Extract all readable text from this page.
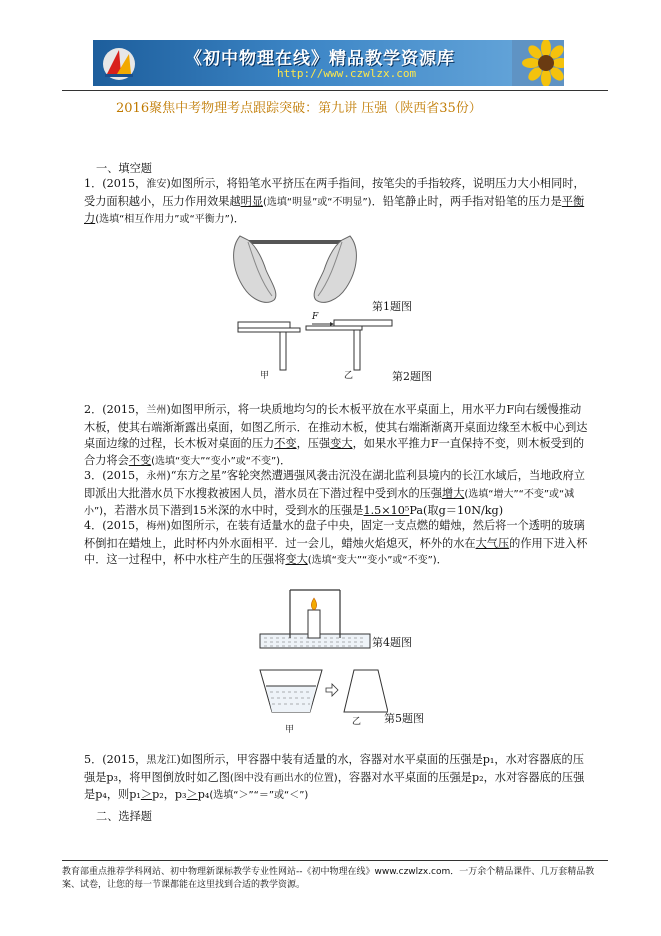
《初中物理在线》精品教学资源库
http://www.czwlzx.com
2016聚焦中考物理考点跟踪突破：第九讲 压强（陕西省35份）
一、填空题
1．(2015，淮安)如图所示，将铅笔水平挤压在两手指间，按笔尖的手指较疼，说明压力大小相同时，受力面积越小，压力作用效果越明显(选填“明显”或“不明显”)．铅笔静止时，两手指对铅笔的压力是平衡力(选填“相互作用力”或“平衡力”)．
第1题图
F
甲	乙	第2题图
2．(2015，兰州)如图甲所示，将一块质地均匀的长木板平放在水平桌面上，用水平力F向右缓慢推动木板，使其右端渐渐露出桌面，如图乙所示．在推动木板，使其右端渐渐离开桌面边缘至木板中心到达桌面边缘的过程，长木板对桌面的压力不变，压强变大，如果水平推力F一直保持不变，则木板受到的合力将会不变(选填“变大”“变小”或“不变”)．
3．(2015，永州)“东方之星”客轮突然遭遇强风袭击沉没在湖北监利县境内的长江水域后，当地政府立即派出大批潜水员下水搜救被困人员，潜水员在下潜过程中受到水的压强增大(选填“增大”“不变”或“减小”)，若潜水员下潜到15米深的水中时，受到水的压强是1.5×10⁵Pa(取g＝10N/kg)
4．(2015，梅州)如图所示，在装有适量水的盘子中央，固定一支点燃的蜡烛，然后将一个透明的玻璃杯倒扣在蜡烛上，此时杯内外水面相平．过一会儿，蜡烛火焰熄灭，杯外的水在大气压的作用下进入杯中．这一过程中，杯中水柱产生的压强将变大(选填“变大”“变小”或“不变”)．
第4题图
甲
乙 第5题图
5．(2015，黑龙江)如图所示，甲容器中装有适量的水，容器对水平桌面的压强是p₁，水对容器底的压强是p₃，将甲图倒放时如乙图(图中没有画出水的位置)，容器对水平桌面的压强是p₂，水对容器底的压强是p₄，则p₁＞p₂，p₃＞p₄(选填“＞”“＝”或“＜”)
二、选择题
教育部重点推荐学科网站、初中物理新课标教学专业性网站--《初中物理在线》www.czwlzx.com．一万余个精品课件、几万套精品教案、试卷，让您的每一节课都能在这里找到合适的教学资源。
